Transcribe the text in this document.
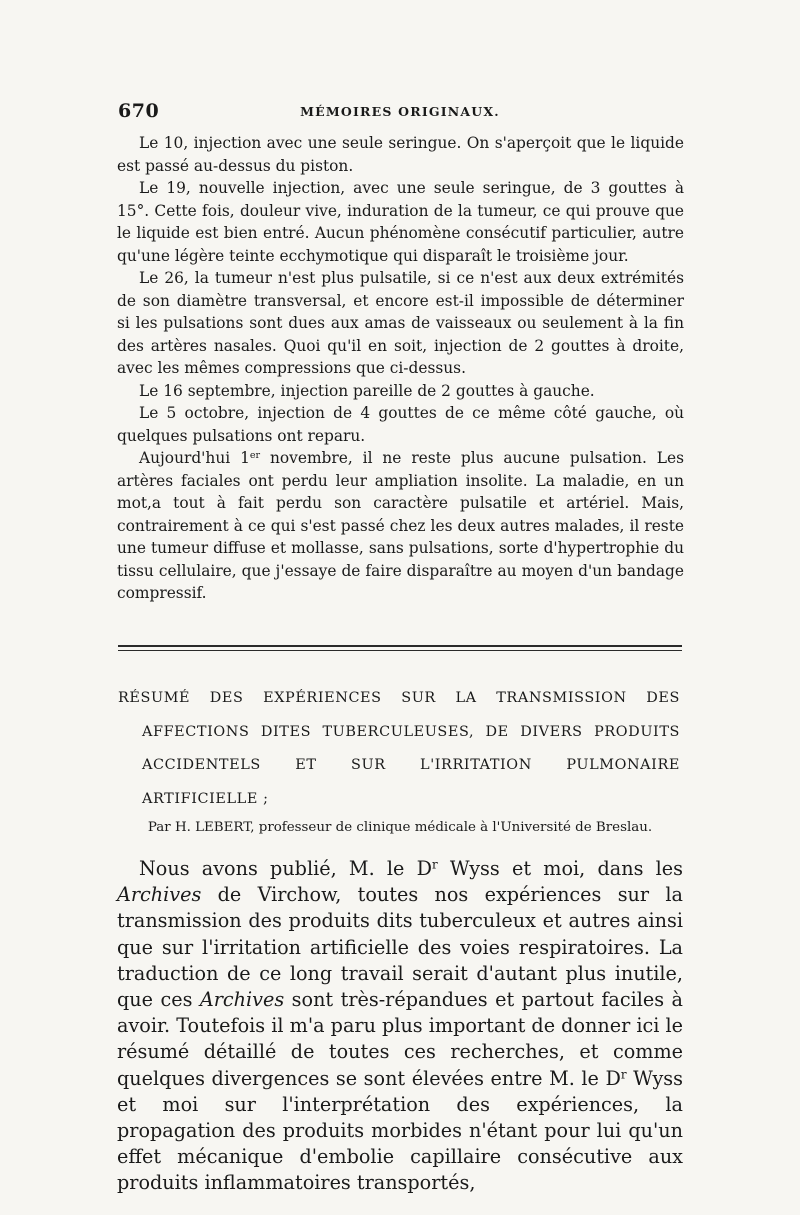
670	MÉMOIRES ORIGINAUX.

Le 10, injection avec une seule seringue. On s'aperçoit que le liquide est passé au-dessus du piston.

Le 19, nouvelle injection, avec une seule seringue, de 3 gouttes à 15°. Cette fois, douleur vive, induration de la tumeur, ce qui prouve que le liquide est bien entré. Aucun phénomène consécutif particulier, autre qu'une légère teinte ecchymotique qui disparaît le troisième jour.

Le 26, la tumeur n'est plus pulsatile, si ce n'est aux deux extrémités de son diamètre transversal, et encore est-il impossible de déterminer si les pulsations sont dues aux amas de vaisseaux ou seulement à la fin des artères nasales. Quoi qu'il en soit, injection de 2 gouttes à droite, avec les mêmes compressions que ci-dessus.

Le 16 septembre, injection pareille de 2 gouttes à gauche.

Le 5 octobre, injection de 4 gouttes de ce même côté gauche, où quelques pulsations ont reparu.

Aujourd'hui 1er novembre, il ne reste plus aucune pulsation. Les artères faciales ont perdu leur ampliation insolite. La maladie, en un mot,a tout à fait perdu son caractère pulsatile et artériel. Mais, contrairement à ce qui s'est passé chez les deux autres malades, il reste une tumeur diffuse et mollasse, sans pulsations, sorte d'hypertrophie du tissu cellulaire, que j'essaye de faire disparaître au moyen d'un bandage compressif.

RÉSUMÉ DES EXPÉRIENCES SUR LA TRANSMISSION DES AFFECTIONS DITES TUBERCULEUSES, DE DIVERS PRODUITS ACCIDENTELS ET SUR L'IRRITATION PULMONAIRE ARTIFICIELLE ;
Par H. LEBERT, professeur de clinique médicale à l'Université de Breslau.

Nous avons publié, M. le $D^r$ Wyss et moi, dans les Archives de Virchow, toutes nos expériences sur la transmission des produits dits tuberculeux et autres ainsi que sur l'irritation artificielle des voies respiratoires. La traduction de ce long travail serait d'autant plus inutile, que ces Archives sont très-répandues et partout faciles à avoir. Toutefois il m'a paru plus important de donner ici le résumé détaillé de toutes ces recherches, et comme quelques divergences se sont élevées entre M. le $D^r$ Wyss et moi sur l'interprétation des expériences, la propagation des produits morbides n'étant pour lui qu'un effet mécanique d'embolie capillaire consécutive aux produits inflammatoires transportés,
